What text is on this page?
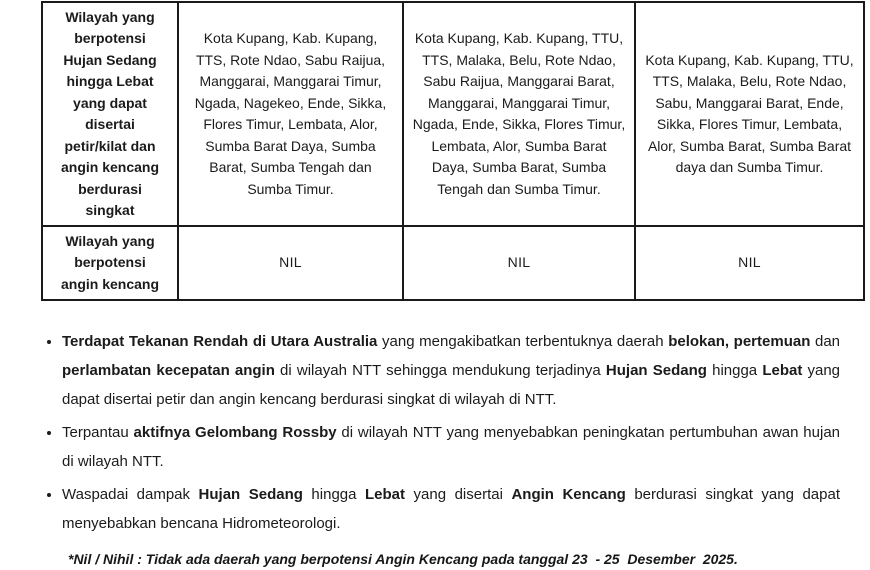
Wilayah yang berpotensi Hujan Sedang hingga Lebat yang dapat disertai petir/kilat dan angin kencang berdurasi singkat	Kota Kupang, Kab. Kupang, TTS, Rote Ndao, Sabu Raijua, Manggarai, Manggarai Timur, Ngada, Nagekeo, Ende, Sikka, Flores Timur, Lembata, Alor, Sumba Barat Daya, Sumba Barat, Sumba Tengah dan Sumba Timur.	Kota Kupang, Kab. Kupang, TTU, TTS, Malaka, Belu, Rote Ndao, Sabu Raijua, Manggarai Barat, Manggarai, Manggarai Timur, Ngada, Ende, Sikka, Flores Timur, Lembata, Alor, Sumba Barat Daya, Sumba Barat, Sumba Tengah dan Sumba Timur.	Kota Kupang, Kab. Kupang, TTU, TTS, Malaka, Belu, Rote Ndao, Sabu, Manggarai Barat, Ende, Sikka, Flores Timur, Lembata, Alor, Sumba Barat, Sumba Barat daya dan Sumba Timur.
Wilayah yang berpotensi angin kencang	NIL	NIL	NIL
• Terdapat Tekanan Rendah di Utara Australia yang mengakibatkan terbentuknya daerah belokan, pertemuan dan perlambatan kecepatan angin di wilayah NTT sehingga mendukung terjadinya Hujan Sedang hingga Lebat yang dapat disertai petir dan angin kencang berdurasi singkat di wilayah di NTT.
• Terpantau aktifnya Gelombang Rossby di wilayah NTT yang menyebabkan peningkatan pertumbuhan awan hujan di wilayah NTT.
• Waspadai dampak Hujan Sedang hingga Lebat yang disertai Angin Kencang berdurasi singkat yang dapat menyebabkan bencana Hidrometeorologi.
*Nil / Nihil : Tidak ada daerah yang berpotensi Angin Kencang pada tanggal 23  - 25  Desember  2025.
